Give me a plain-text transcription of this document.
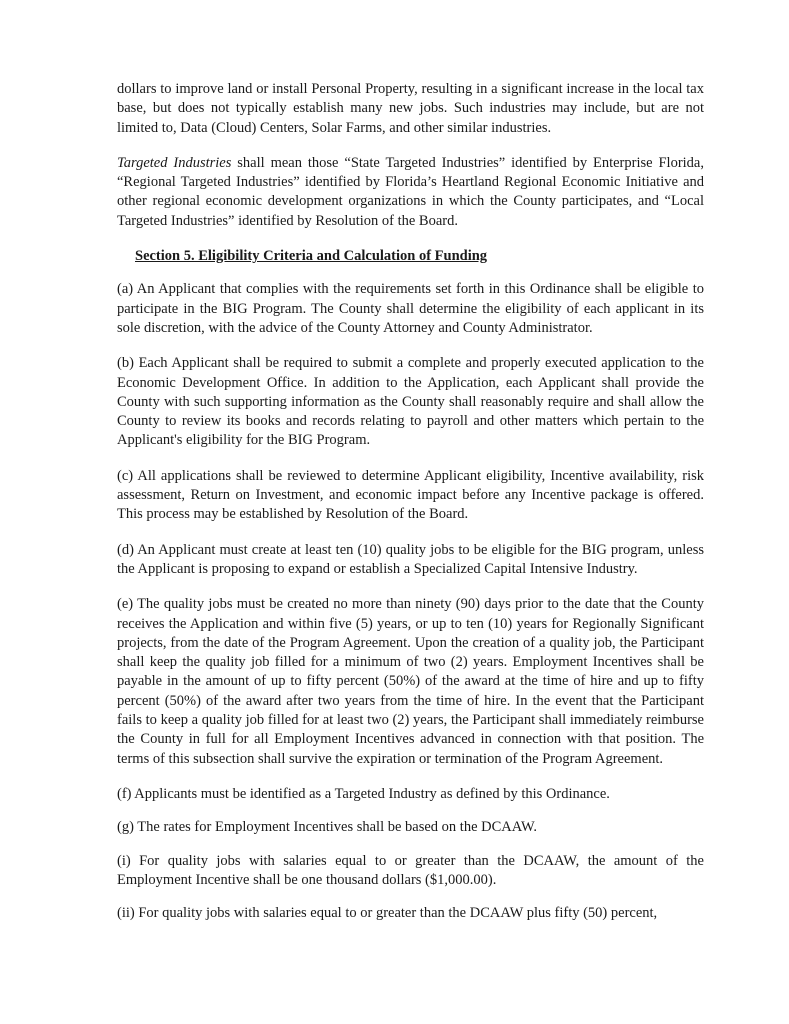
dollars to improve land or install Personal Property, resulting in a significant increase in the local tax base, but does not typically establish many new jobs. Such industries may include, but are not limited to, Data (Cloud) Centers, Solar Farms, and other similar industries.

Targeted Industries shall mean those “State Targeted Industries” identified by Enterprise Florida, “Regional Targeted Industries” identified by Florida’s Heartland Regional Economic Initiative and other regional economic development organizations in which the County participates, and “Local Targeted Industries” identified by Resolution of the Board.

Section 5. Eligibility Criteria and Calculation of Funding

(a) An Applicant that complies with the requirements set forth in this Ordinance shall be eligible to participate in the BIG Program. The County shall determine the eligibility of each applicant in its sole discretion, with the advice of the County Attorney and County Administrator.

(b) Each Applicant shall be required to submit a complete and properly executed application to the Economic Development Office. In addition to the Application, each Applicant shall provide the County with such supporting information as the County shall reasonably require and shall allow the County to review its books and records relating to payroll and other matters which pertain to the Applicant's eligibility for the BIG Program.

(c) All applications shall be reviewed to determine Applicant eligibility, Incentive availability, risk assessment, Return on Investment, and economic impact before any Incentive package is offered. This process may be established by Resolution of the Board.

(d) An Applicant must create at least ten (10) quality jobs to be eligible for the BIG program, unless the Applicant is proposing to expand or establish a Specialized Capital Intensive Industry.

(e) The quality jobs must be created no more than ninety (90) days prior to the date that the County receives the Application and within five (5) years, or up to ten (10) years for Regionally Significant projects, from the date of the Program Agreement. Upon the creation of a quality job, the Participant shall keep the quality job filled for a minimum of two (2) years. Employment Incentives shall be payable in the amount of up to fifty percent (50%) of the award at the time of hire and up to fifty percent (50%) of the award after two years from the time of hire. In the event that the Participant fails to keep a quality job filled for at least two (2) years, the Participant shall immediately reimburse the County in full for all Employment Incentives advanced in connection with that position. The terms of this subsection shall survive the expiration or termination of the Program Agreement.

(f) Applicants must be identified as a Targeted Industry as defined by this Ordinance.

(g) The rates for Employment Incentives shall be based on the DCAAW.

(i) For quality jobs with salaries equal to or greater than the DCAAW, the amount of the Employment Incentive shall be one thousand dollars ($1,000.00).

(ii) For quality jobs with salaries equal to or greater than the DCAAW plus fifty (50) percent,
